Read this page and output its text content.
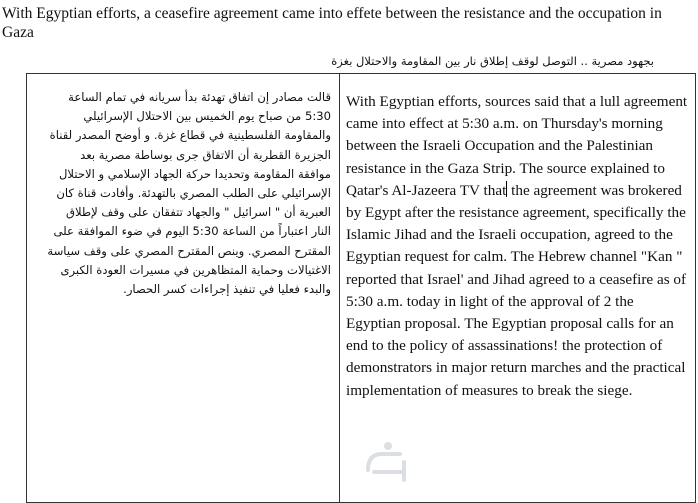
With Egyptian efforts, a ceasefire agreement came into effete between the resistance and the occupation in Gaza
بجهود مصرية .. التوصل لوقف إطلاق نار بين المقاومة والاحتلال بغزة

قالت مصادر إن اتفاق تهدئة بدأ سريانه في تمام الساعة 5:30 من صباح يوم الخميس بين الاحتلال الإسرائيلي والمقاومة الفلسطينية في قطاع غزة. و أوضح المصدر لقناة الجزيرة القطرية أن الاتفاق جرى بوساطة مصرية بعد موافقة المقاومة وتحديدا حركة الجهاد الإسلامي و الاحتلال الإسرائيلي على الطلب المصري بالتهدئة. وأفادت قناة كان العبرية أن " اسرائيل " والجهاد تتفقان على وقف لإطلاق النار اعتباراً من الساعة 5:30 اليوم في ضوء الموافقة على المقترح المصري. وينص المقترح المصري على وقف سياسة الاغتيالات وحماية المتظاهرين في مسيرات العودة الكبرى والبدء فعليا في تنفيذ إجراءات كسر الحصار.

With Egyptian efforts, sources said that a lull agreement came into effect at 5:30 a.m. on Thursday's morning between the Israeli Occupation and the Palestinian resistance in the Gaza Strip. The source explained to Qatar's Al-Jazeera TV that the agreement was brokered by Egypt after the resistance agreement, specifically the Islamic Jihad and the Israeli occupation, agreed to the Egyptian request for calm. The Hebrew channel "Kan " reported that Israel' and Jihad agreed to a ceasefire as of 5:30 a.m. today in light of the approval of 2 the Egyptian proposal. The Egyptian proposal calls for an end to the policy of assassinations! the protection of demonstrators in major return marches and the practical implementation of measures to break the siege.
